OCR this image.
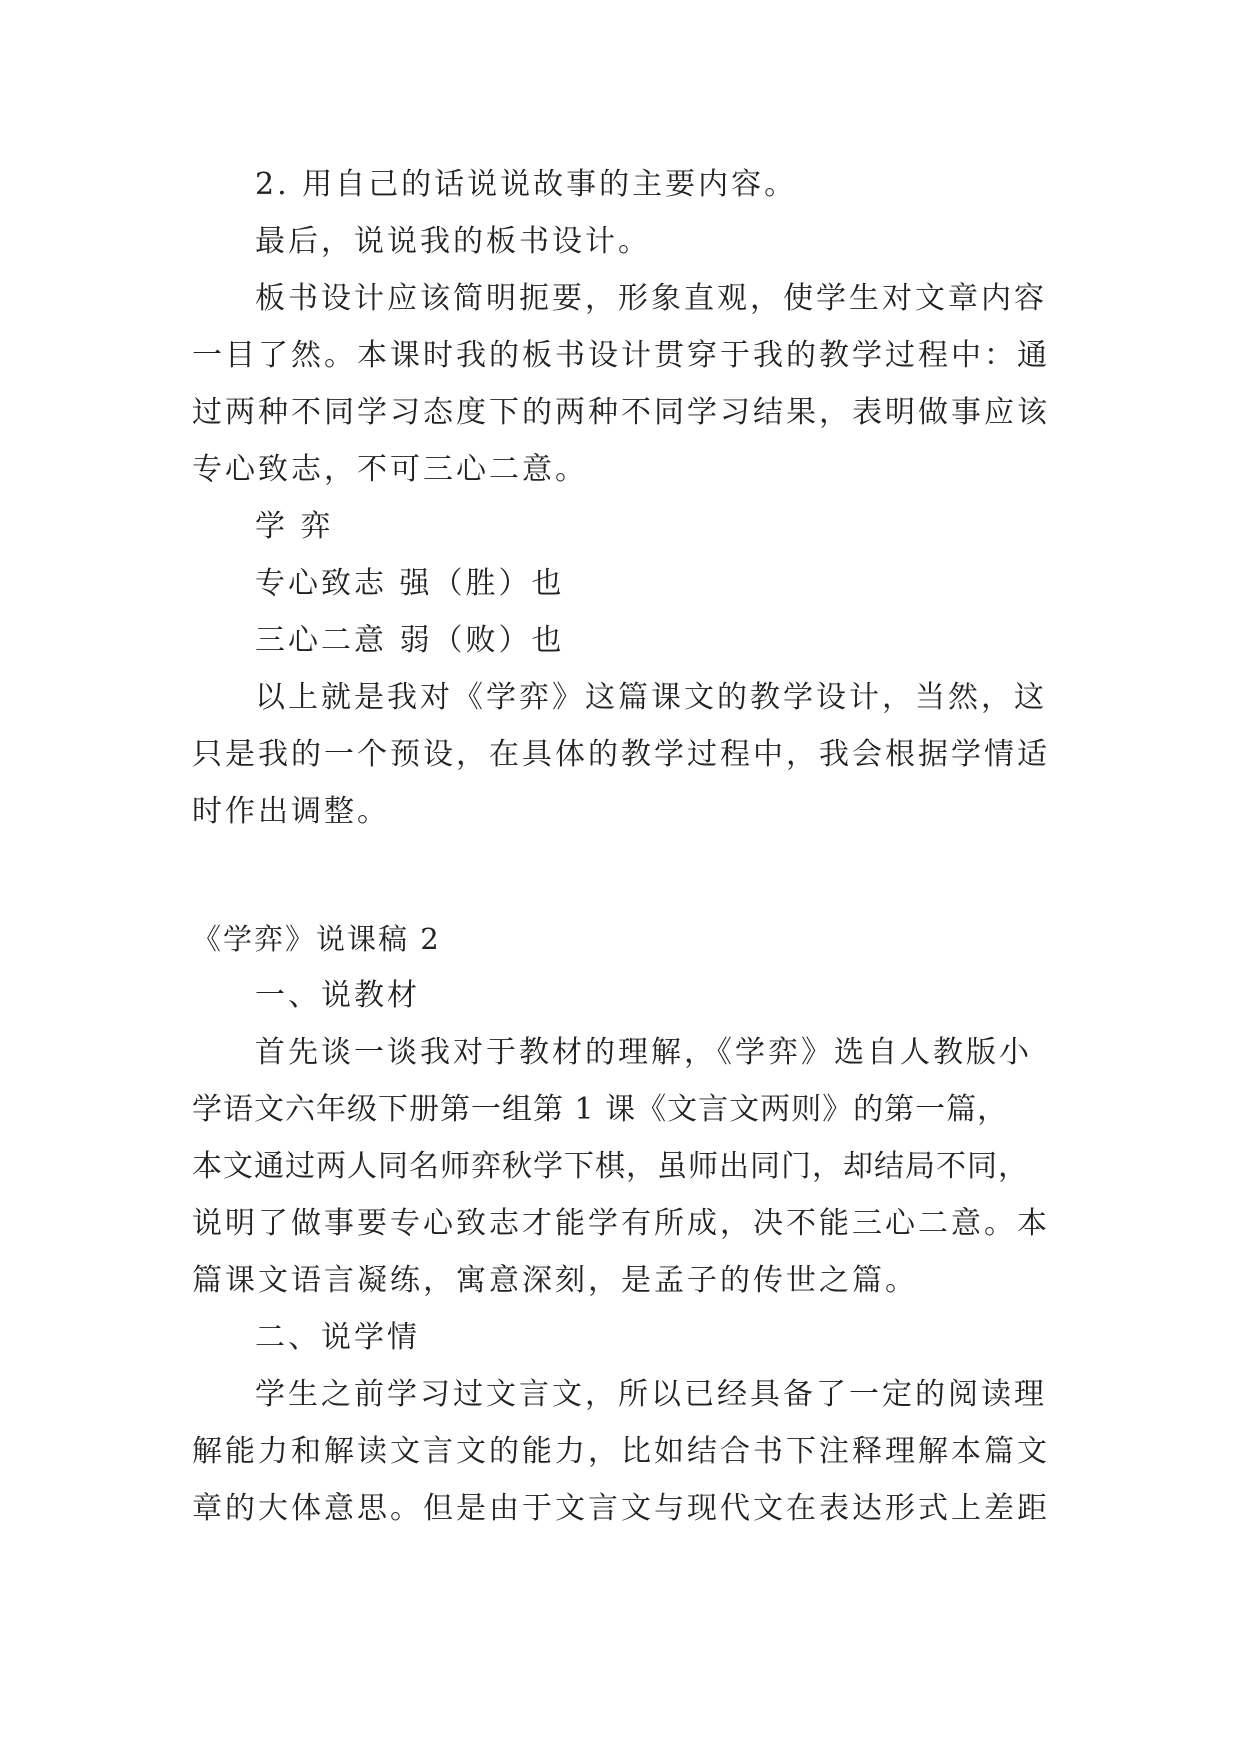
2. 用自己的话说说故事的主要内容。
最后，说说我的板书设计。
板书设计应该简明扼要，形象直观，使学生对文章内容
一目了然。本课时我的板书设计贯穿于我的教学过程中：通
过两种不同学习态度下的两种不同学习结果，表明做事应该
专心致志，不可三心二意。
学 弈
专心致志 强（胜）也
三心二意 弱（败）也
以上就是我对《学弈》这篇课文的教学设计，当然，这
只是我的一个预设，在具体的教学过程中，我会根据学情适
时作出调整。
《学弈》说课稿 2
一、说教材
首先谈一谈我对于教材的理解，《学弈》选自人教版小
学语文六年级下册第一组第 1 课《文言文两则》的第一篇，
本文通过两人同名师弈秋学下棋，虽师出同门，却结局不同，
说明了做事要专心致志才能学有所成，决不能三心二意。本
篇课文语言凝练，寓意深刻，是孟子的传世之篇。
二、说学情
学生之前学习过文言文，所以已经具备了一定的阅读理
解能力和解读文言文的能力，比如结合书下注释理解本篇文
章的大体意思。但是由于文言文与现代文在表达形式上差距
